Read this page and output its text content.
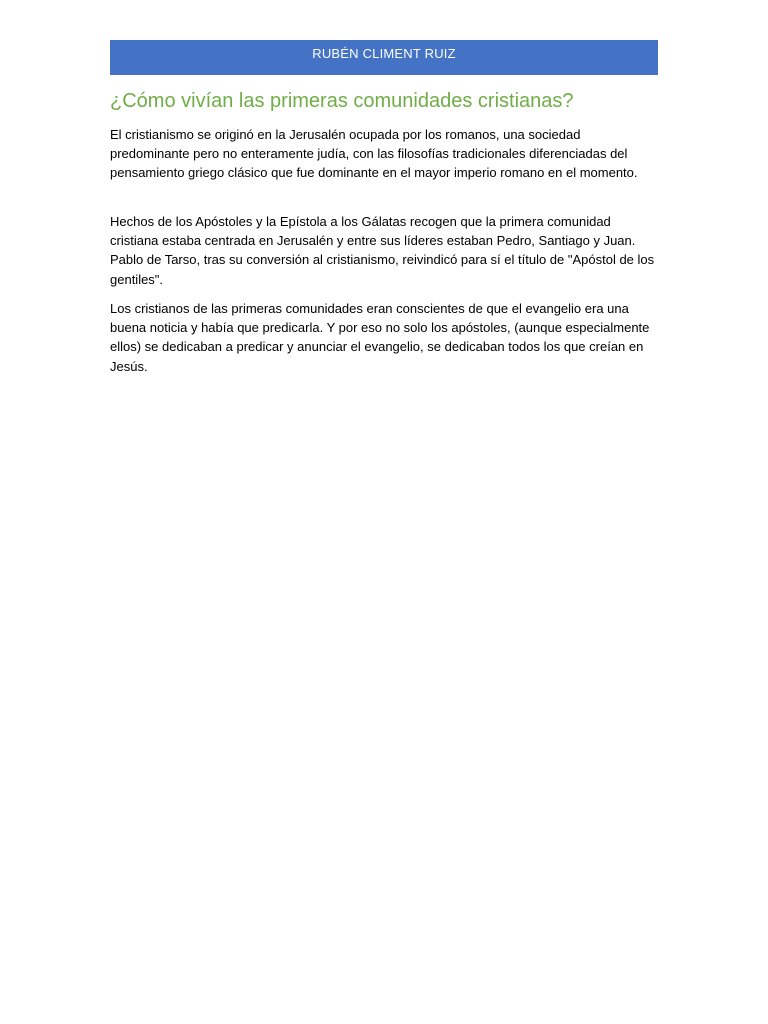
RUBÉN CLIMENT RUIZ
¿Cómo vivían las primeras comunidades cristianas?

El cristianismo se originó en la Jerusalén ocupada por los romanos, una sociedad predominante pero no enteramente judía, con las filosofías tradicionales diferenciadas del pensamiento griego clásico que fue dominante en el mayor imperio romano en el momento.

Hechos de los Apóstoles y la Epístola a los Gálatas recogen que la primera comunidad cristiana estaba centrada en Jerusalén y entre sus líderes estaban Pedro, Santiago y Juan. Pablo de Tarso, tras su conversión al cristianismo, reivindicó para sí el título de "Apóstol de los gentiles".

Los cristianos de las primeras comunidades eran conscientes de que el evangelio era una buena noticia y había que predicarla. Y por eso no solo los apóstoles, (aunque especialmente ellos) se dedicaban a predicar y anunciar el evangelio, se dedicaban todos los que creían en Jesús.
